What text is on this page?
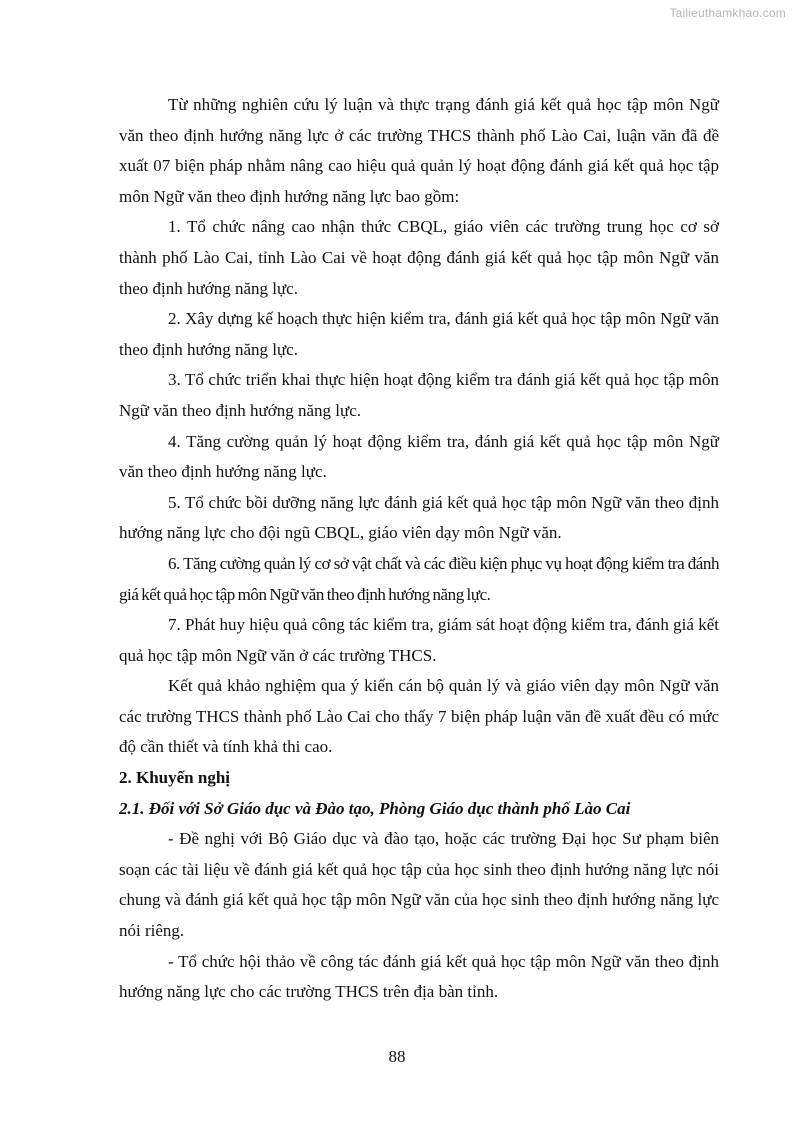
Tailieuthamkhao.com

Từ những nghiên cứu lý luận và thực trạng đánh giá kết quả học tập môn Ngữ văn theo định hướng năng lực ở các trường THCS thành phố Lào Cai, luận văn đã đề xuất 07 biện pháp nhằm nâng cao hiệu quả quản lý hoạt động đánh giá kết quả học tập môn Ngữ văn theo định hướng năng lực bao gồm:

1. Tổ chức nâng cao nhận thức CBQL, giáo viên các trường trung học cơ sở thành phố Lào Cai, tỉnh Lào Cai về hoạt động đánh giá kết quả học tập môn Ngữ văn theo định hướng năng lực.

2. Xây dựng kế hoạch thực hiện kiểm tra, đánh giá kết quả học tập môn Ngữ văn theo định hướng năng lực.

3. Tổ chức triển khai thực hiện hoạt động kiểm tra đánh giá kết quả học tập môn Ngữ văn theo định hướng năng lực.

4. Tăng cường quản lý hoạt động kiểm tra, đánh giá kết quả học tập môn Ngữ văn theo định hướng năng lực.

5. Tổ chức bồi dưỡng năng lực đánh giá kết quả học tập môn Ngữ văn theo định hướng năng lực cho đội ngũ CBQL, giáo viên dạy môn Ngữ văn.

6. Tăng cường quản lý cơ sở vật chất và các điều kiện phục vụ hoạt động kiểm tra đánh giá kết quả học tập môn Ngữ văn theo định hướng năng lực.

7. Phát huy hiệu quả công tác kiểm tra, giám sát hoạt động kiểm tra, đánh giá kết quả học tập môn Ngữ văn ở các trường THCS.

Kết quả khảo nghiệm qua ý kiến cán bộ quản lý và giáo viên dạy môn Ngữ văn các trường THCS thành phố Lào Cai cho thấy 7 biện pháp luận văn đề xuất đều có mức độ cần thiết và tính khả thi cao.

2. Khuyến nghị

2.1. Đối với Sở Giáo dục và Đào tạo, Phòng Giáo dục thành phố Lào Cai

- Đề nghị với Bộ Giáo dục và đào tạo, hoặc các trường Đại học Sư phạm biên soạn các tài liệu về đánh giá kết quả học tập của học sinh theo định hướng năng lực nói chung và đánh giá kết quả học tập môn Ngữ văn của học sinh theo định hướng năng lực nói riêng.

- Tổ chức hội thảo về công tác đánh giá kết quả học tập môn Ngữ văn theo định hướng năng lực cho các trường THCS trên địa bàn tỉnh.

88
